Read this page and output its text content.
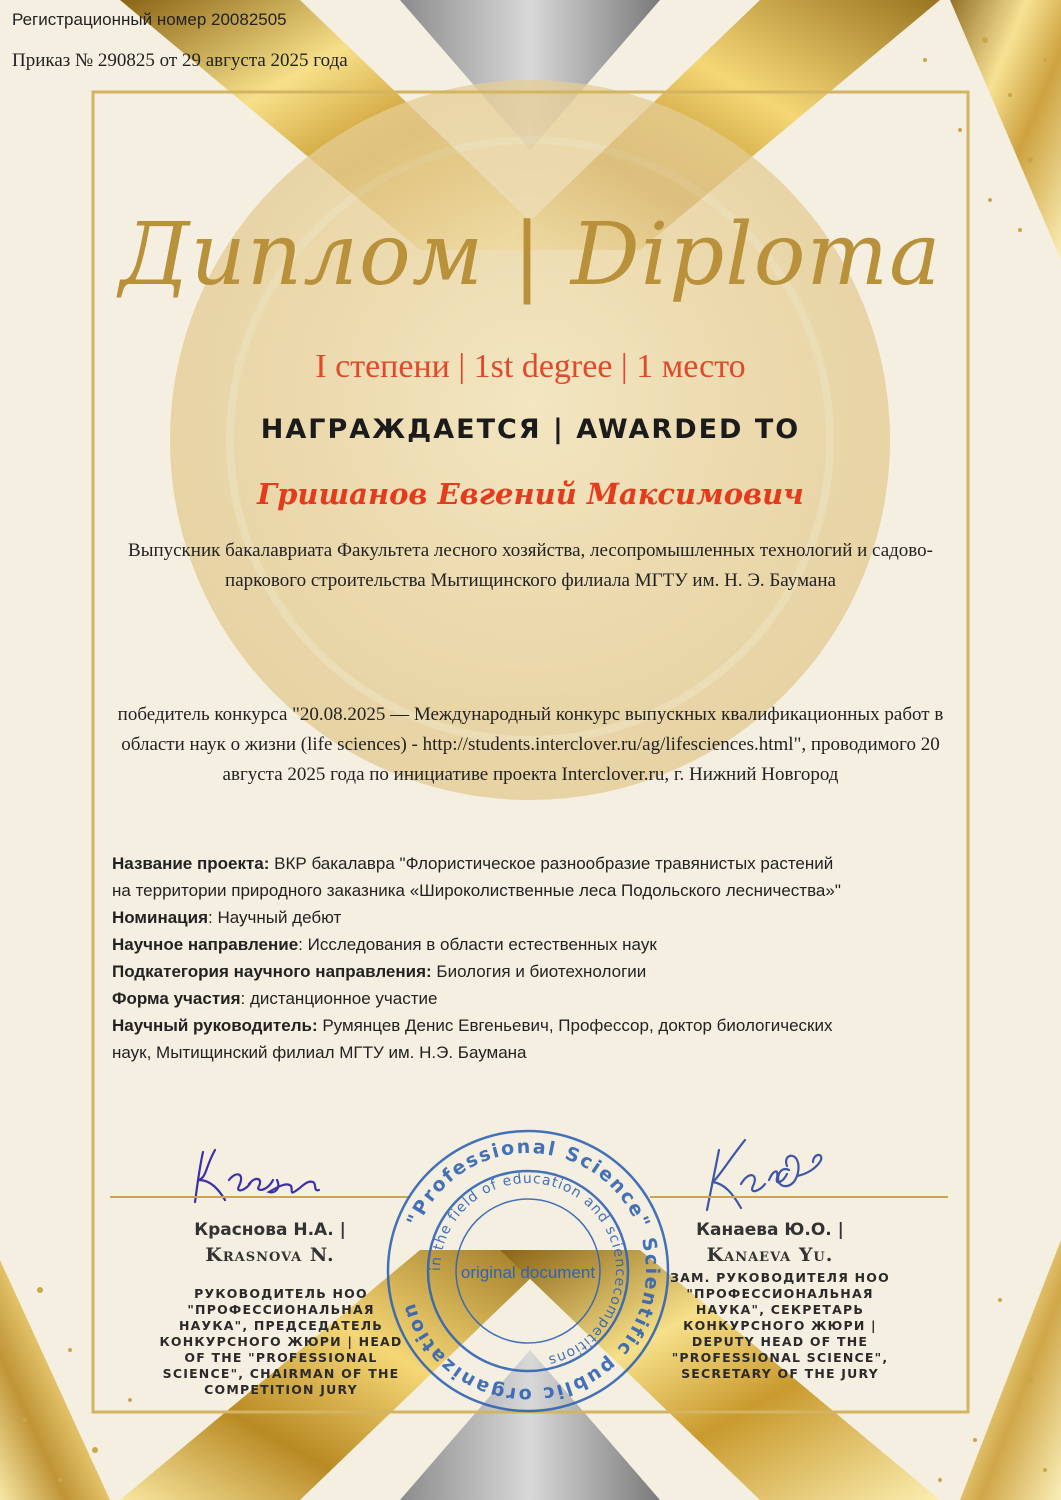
Регистрационный номер 20082505
Приказ № 290825 от 29 августа 2025 года
Диплом | Diploma
I степени | 1st degree | 1 место
НАГРАЖДАЕТСЯ | AWARDED TO
Гришанов Евгений Максимович
Выпускник бакалавриата Факультета лесного хозяйства, лесопромышленных технологий и садово-паркового строительства Мытищинского филиала МГТУ им. Н. Э. Баумана
победитель конкурса "20.08.2025 — Международный конкурс выпускных квалификационных работ в области наук о жизни (life sciences) - http://students.interclover.ru/ag/lifesciences.html", проводимого 20 августа 2025 года по инициативе проекта Interclover.ru, г. Нижний Новгород

Название проекта: ВКР бакалавра "Флористическое разнообразие травянистых растений на территории природного заказника «Широколиственные леса Подольского лесничества»"

Номинация: Научный дебют

Научное направление: Исследования в области естественных наук

Подкатегория научного направления: Биология и биотехнологии

Форма участия: дистанционное участие

Научный руководитель: Румянцев Денис Евгеньевич, Профессор, доктор биологических наук, Мытищинский филиал МГТУ им. Н.Э. Баумана

Краснова Н.А. |
Krasnova N.
Канаева Ю.О. |
Kanaeva Yu.
РУКОВОДИТЕЛЬ НОО "ПРОФЕССИОНАЛЬНАЯ НАУКА", ПРЕДСЕДАТЕЛЬ КОНКУРСНОГО ЖЮРИ | HEAD OF THE "PROFESSIONAL SCIENCE", CHAIRMAN OF THE COMPETITION JURY
ЗАМ. РУКОВОДИТЕЛЯ НОО "ПРОФЕССИОНАЛЬНАЯ НАУКА", СЕКРЕТАРЬ КОНКУРСНОГО ЖЮРИ | DEPUTY HEAD OF THE "PROFESSIONAL SCIENCE", SECRETARY OF THE JURY
"Professional Science" Scientific public organization
in the field of education and sciencecompetitions
original document
